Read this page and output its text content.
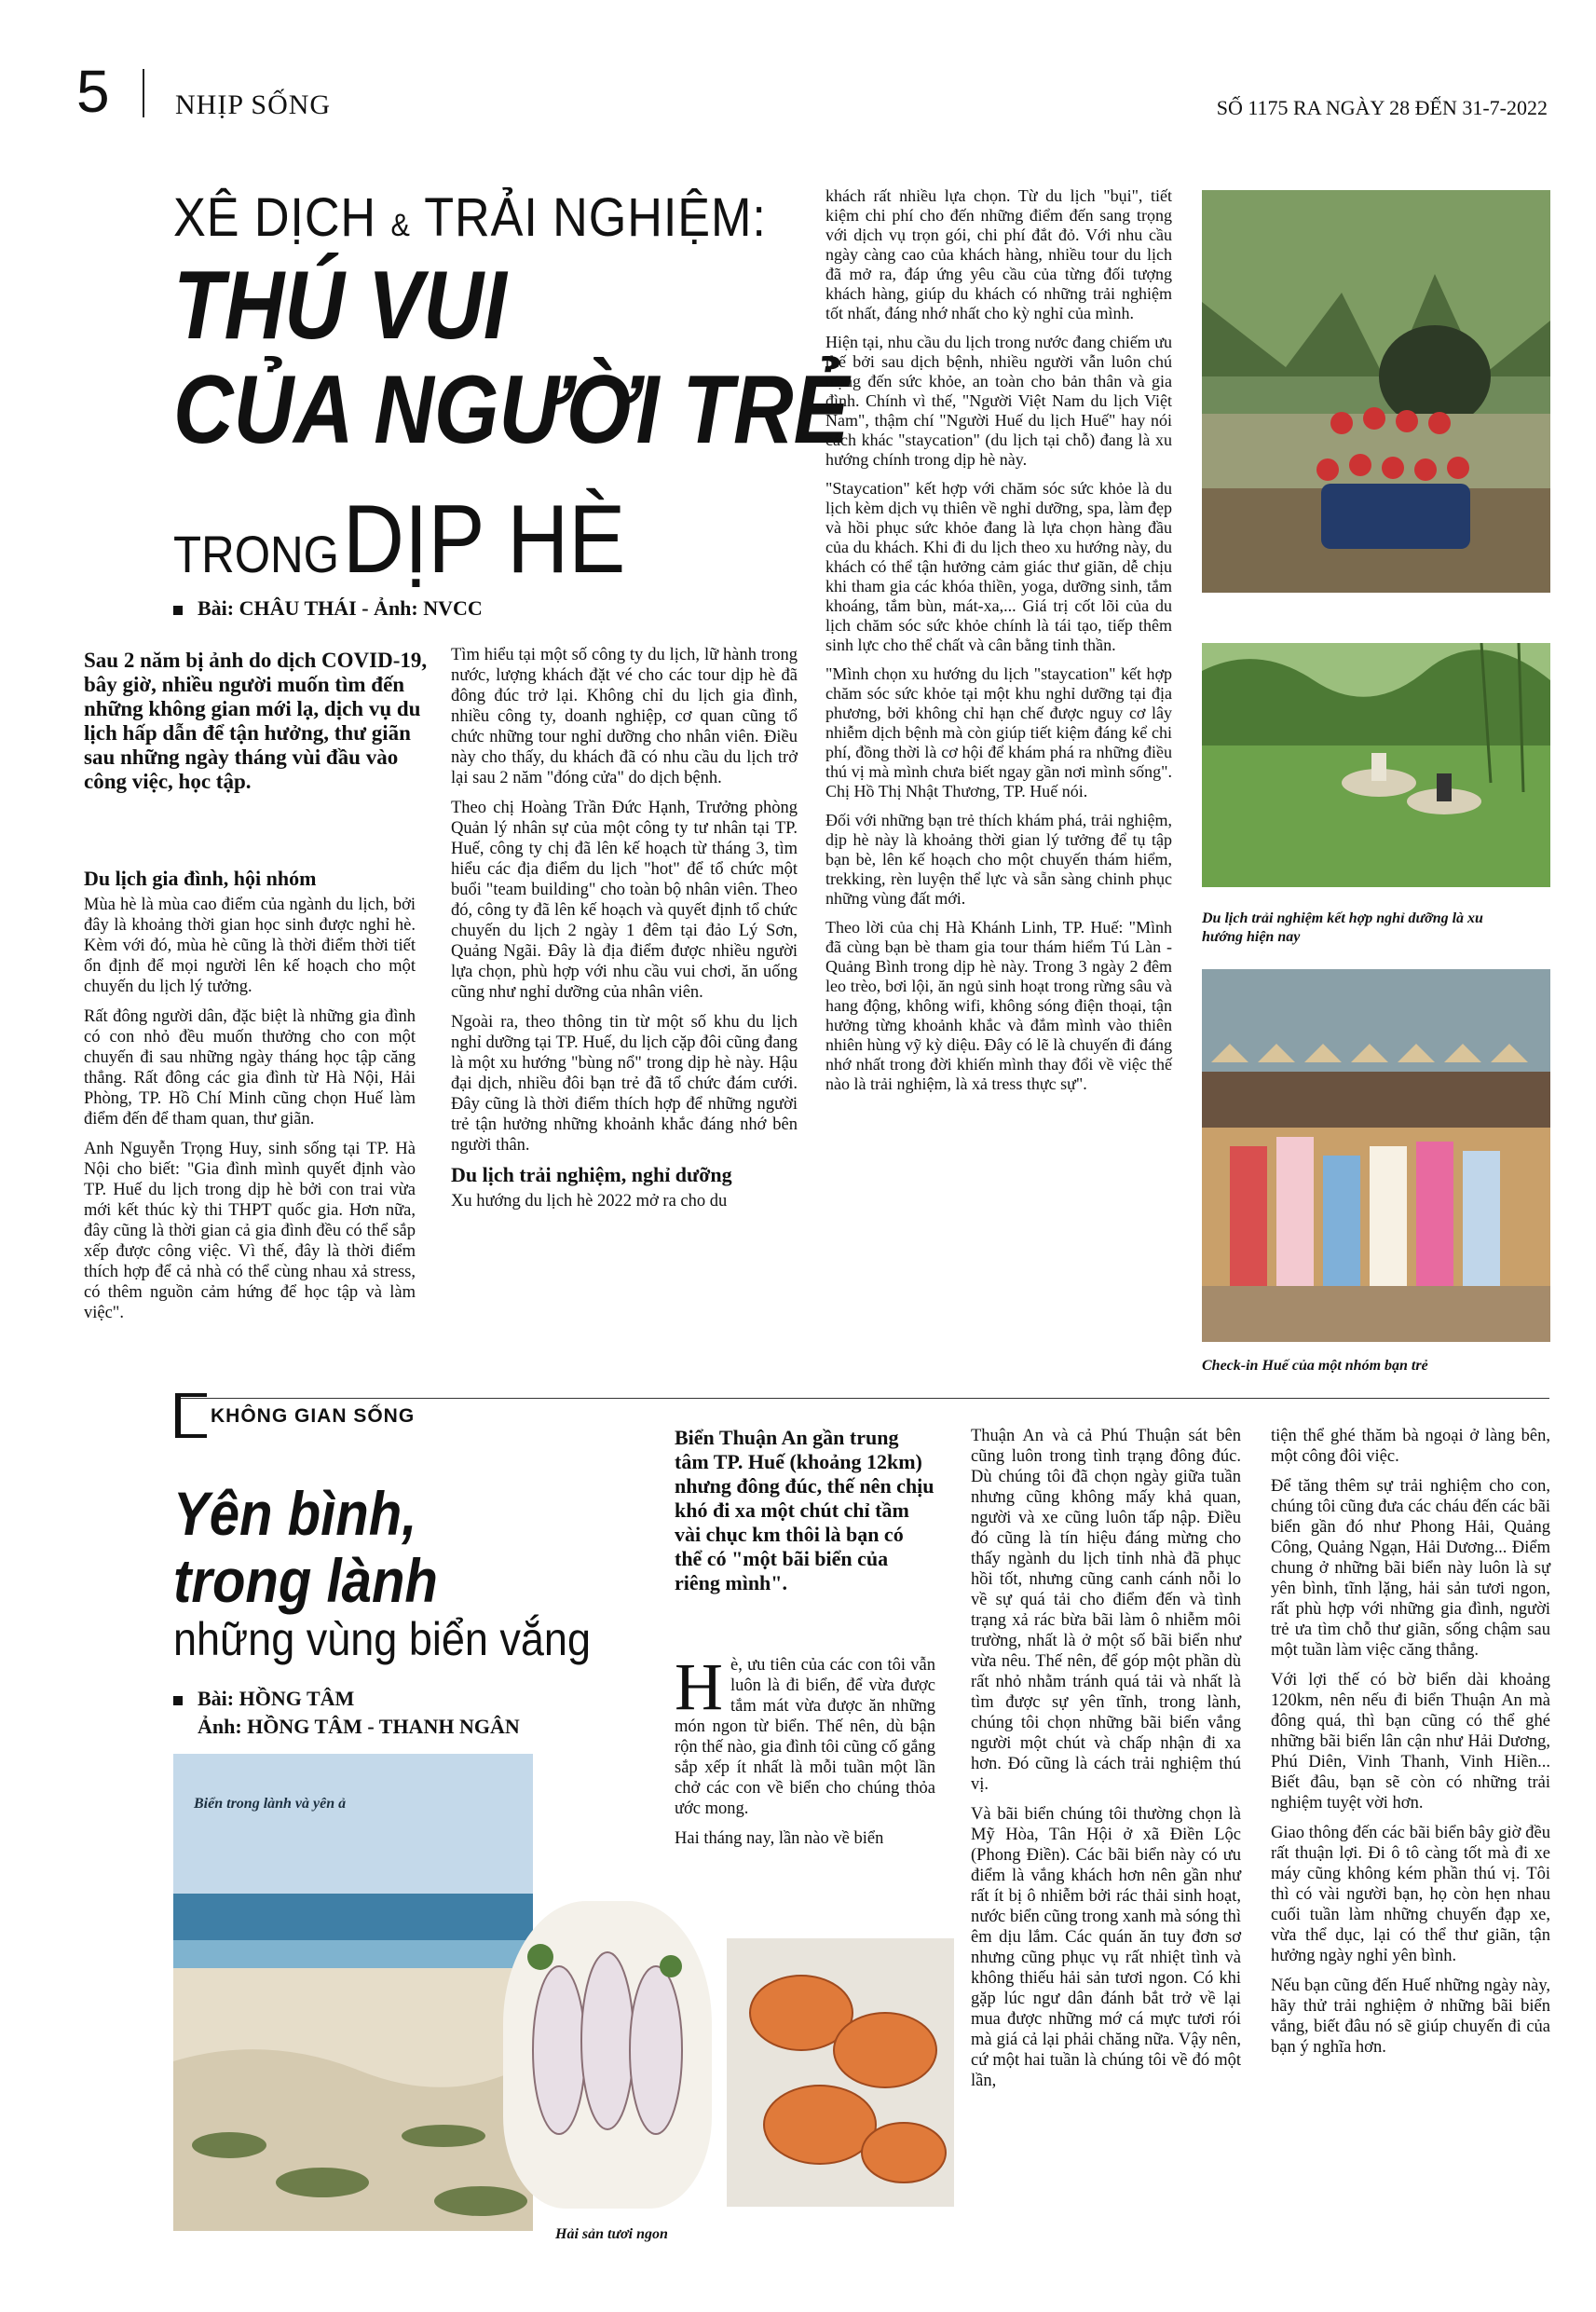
5 NHỊP SỐNG	SỐ 1175 RA NGÀY 28 ĐẾN 31-7-2022
XÊ DỊCH & TRẢI NGHIỆM:
THÚ VUI
CỦA NGƯỜI TRẺ
TRONG DỊP HÈ
Bài: CHÂU THÁI - Ảnh: NVCC
Sau 2 năm bị ảnh do dịch COVID-19, bây giờ, nhiều người muốn tìm đến những không gian mới lạ, dịch vụ du lịch hấp dẫn để tận hưởng, thư giãn sau những ngày tháng vùi đầu vào công việc, học tập.
Du lịch gia đình, hội nhóm

Mùa hè là mùa cao điểm của ngành du lịch, bởi đây là khoảng thời gian học sinh được nghỉ hè. Kèm với đó, mùa hè cũng là thời điểm thời tiết ổn định để mọi người lên kế hoạch cho một chuyến du lịch lý tưởng.

Rất đông người dân, đặc biệt là những gia đình có con nhỏ đều muốn thưởng cho con một chuyến đi sau những ngày tháng học tập căng thẳng. Rất đông các gia đình từ Hà Nội, Hải Phòng, TP. Hồ Chí Minh cũng chọn Huế làm điểm đến để tham quan, thư giãn.

Anh Nguyễn Trọng Huy, sinh sống tại TP. Hà Nội cho biết: "Gia đình mình quyết định vào TP. Huế du lịch trong dịp hè bởi con trai vừa mới kết thúc kỳ thi THPT quốc gia. Hơn nữa, đây cũng là thời gian cả gia đình đều có thể sắp xếp được công việc. Vì thế, đây là thời điểm thích hợp để cả nhà có thể cùng nhau xả stress, có thêm nguồn cảm hứng để học tập và làm việc".

Tìm hiểu tại một số công ty du lịch, lữ hành trong nước, lượng khách đặt vé cho các tour dịp hè đã đông đúc trở lại. Không chỉ du lịch gia đình, nhiều công ty, doanh nghiệp, cơ quan cũng tổ chức những tour nghỉ dưỡng cho nhân viên. Điều này cho thấy, du khách đã có nhu cầu du lịch trở lại sau 2 năm "đóng cửa" do dịch bệnh.

Theo chị Hoàng Trần Đức Hạnh, Trưởng phòng Quản lý nhân sự của một công ty tư nhân tại TP. Huế, công ty chị đã lên kế hoạch từ tháng 3, tìm hiểu các địa điểm du lịch "hot" để tổ chức một buổi "team building" cho toàn bộ nhân viên. Theo đó, công ty đã lên kế hoạch và quyết định tổ chức chuyến du lịch 2 ngày 1 đêm tại đảo Lý Sơn, Quảng Ngãi. Đây là địa điểm được nhiều người lựa chọn, phù hợp với nhu cầu vui chơi, ăn uống cũng như nghỉ dưỡng của nhân viên.

Ngoài ra, theo thông tin từ một số khu du lịch nghỉ dưỡng tại TP. Huế, du lịch cặp đôi cũng đang là một xu hướng "bùng nổ" trong dịp hè này. Hậu đại dịch, nhiều đôi bạn trẻ đã tổ chức đám cưới. Đây cũng là thời điểm thích hợp để những người trẻ tận hưởng những khoảnh khắc đáng nhớ bên người thân.

Du lịch trải nghiệm, nghỉ dưỡng

Xu hướng du lịch hè 2022 mở ra cho du

khách rất nhiều lựa chọn. Từ du lịch "bụi", tiết kiệm chi phí cho đến những điểm đến sang trọng với dịch vụ trọn gói, chi phí đắt đỏ. Với nhu cầu ngày càng cao của khách hàng, nhiều tour du lịch đã mở ra, đáp ứng yêu cầu của từng đối tượng khách hàng, giúp du khách có những trải nghiệm tốt nhất, đáng nhớ nhất cho kỳ nghỉ của mình.

Hiện tại, nhu cầu du lịch trong nước đang chiếm ưu thế bởi sau dịch bệnh, nhiều người vẫn luôn chú trọng đến sức khỏe, an toàn cho bản thân và gia đình. Chính vì thế, "Người Việt Nam du lịch Việt Nam", thậm chí "Người Huế du lịch Huế" hay nói cách khác "staycation" (du lịch tại chỗ) đang là xu hướng chính trong dịp hè này.

"Staycation" kết hợp với chăm sóc sức khỏe là du lịch kèm dịch vụ thiên về nghỉ dưỡng, spa, làm đẹp và hồi phục sức khỏe đang là lựa chọn hàng đầu của du khách. Khi đi du lịch theo xu hướng này, du khách có thể tận hưởng cảm giác thư giãn, dễ chịu khi tham gia các khóa thiền, yoga, dưỡng sinh, tắm khoáng, tắm bùn, mát-xa,... Giá trị cốt lõi của du lịch chăm sóc sức khỏe chính là tái tạo, tiếp thêm sinh lực cho thể chất và cân bằng tinh thần.

"Mình chọn xu hướng du lịch "staycation" kết hợp chăm sóc sức khỏe tại một khu nghỉ dưỡng tại địa phương, bởi không chỉ hạn chế được nguy cơ lây nhiễm dịch bệnh mà còn giúp tiết kiệm đáng kể chi phí, đồng thời là cơ hội để khám phá ra những điều thú vị mà mình chưa biết ngay gần nơi mình sống". Chị Hồ Thị Nhật Thương, TP. Huế nói.

Đối với những bạn trẻ thích khám phá, trải nghiệm, dịp hè này là khoảng thời gian lý tưởng để tụ tập bạn bè, lên kế hoạch cho một chuyến thám hiểm, trekking, rèn luyện thể lực và sẵn sàng chinh phục những vùng đất mới.

Theo lời của chị Hà Khánh Linh, TP. Huế: "Mình đã cùng bạn bè tham gia tour thám hiểm Tú Làn - Quảng Bình trong dịp hè này. Trong 3 ngày 2 đêm leo trèo, bơi lội, ăn ngủ sinh hoạt trong rừng sâu và hang động, không wifi, không sóng điện thoại, tận hưởng từng khoảnh khắc và đắm mình vào thiên nhiên hùng vỹ kỳ diệu. Đây có lẽ là chuyến đi đáng nhớ nhất trong đời khiến mình thay đổi về việc thế nào là trải nghiệm, là xả tress thực sự".

Du lịch trải nghiệm kết hợp nghỉ dưỡng là xu hướng hiện nay
Check-in Huế của một nhóm bạn trẻ
KHÔNG GIAN SỐNG
Yên bình,
trong lành
những vùng biển vắng
Bài: HỒNG TÂM
Ảnh: HỒNG TÂM - THANH NGÂN
Biển trong lành và yên ả
Hải sản tươi ngon
Biển Thuận An gần trung tâm TP. Huế (khoảng 12km) nhưng đông đúc, thế nên chịu khó đi xa một chút chỉ tầm vài chục km thôi là bạn có thể có "một bãi biển của riêng mình".

Hè, ưu tiên của các con tôi vẫn luôn là đi biển, để vừa được tắm mát vừa được ăn những món ngon từ biển. Thế nên, dù bận rộn thế nào, gia đình tôi cũng cố gắng sắp xếp ít nhất là mỗi tuần một lần chở các con về biển cho chúng thỏa ước mong.

Hai tháng nay, lần nào về biển

Thuận An và cả Phú Thuận sát bên cũng luôn trong tình trạng đông đúc. Dù chúng tôi đã chọn ngày giữa tuần nhưng cũng không mấy khả quan, người và xe cũng luôn tấp nập. Điều đó cũng là tín hiệu đáng mừng cho thấy ngành du lịch tỉnh nhà đã phục hồi tốt, nhưng cũng canh cánh nỗi lo về sự quá tải cho điểm đến và tình trạng xả rác bừa bãi làm ô nhiễm môi trường, nhất là ở một số bãi biển như vừa nêu. Thế nên, để góp một phần dù rất nhỏ nhằm tránh quá tải và nhất là tìm được sự yên tĩnh, trong lành, chúng tôi chọn những bãi biển vắng người một chút và chấp nhận đi xa hơn. Đó cũng là cách trải nghiệm thú vị.

Và bãi biển chúng tôi thường chọn là Mỹ Hòa, Tân Hội ở xã Điền Lộc (Phong Điền). Các bãi biển này có ưu điểm là vắng khách hơn nên gần như rất ít bị ô nhiễm bởi rác thải sinh hoạt, nước biển cũng trong xanh mà sóng thì êm dịu lắm. Các quán ăn tuy đơn sơ nhưng cũng phục vụ rất nhiệt tình và không thiếu hải sản tươi ngon. Có khi gặp lúc ngư dân đánh bắt trở về lại mua được những mớ cá mực tươi rói mà giá cả lại phải chăng nữa. Vậy nên, cứ một hai tuần là chúng tôi về đó một lần,

tiện thể ghé thăm bà ngoại ở làng bên, một công đôi việc.

Để tăng thêm sự trải nghiệm cho con, chúng tôi cũng đưa các cháu đến các bãi biển gần đó như Phong Hải, Quảng Công, Quảng Ngạn, Hải Dương... Điểm chung ở những bãi biển này luôn là sự yên bình, tĩnh lặng, hải sản tươi ngon, rất phù hợp với những gia đình, người trẻ ưa tìm chỗ thư giãn, sống chậm sau một tuần làm việc căng thẳng.

Với lợi thế có bờ biển dài khoảng 120km, nên nếu đi biển Thuận An mà đông quá, thì bạn cũng có thể ghé những bãi biển lân cận như Hải Dương, Phú Diên, Vinh Thanh, Vinh Hiền... Biết đâu, bạn sẽ còn có những trải nghiệm tuyệt vời hơn.

Giao thông đến các bãi biển bây giờ đều rất thuận lợi. Đi ô tô càng tốt mà đi xe máy cũng không kém phần thú vị. Tôi thì có vài người bạn, họ còn hẹn nhau cuối tuần làm những chuyến đạp xe, vừa thể dục, lại có thể thư giãn, tận hưởng ngày nghỉ yên bình.

Nếu bạn cũng đến Huế những ngày này, hãy thử trải nghiệm ở những bãi biển vắng, biết đâu nó sẽ giúp chuyến đi của bạn ý nghĩa hơn.
